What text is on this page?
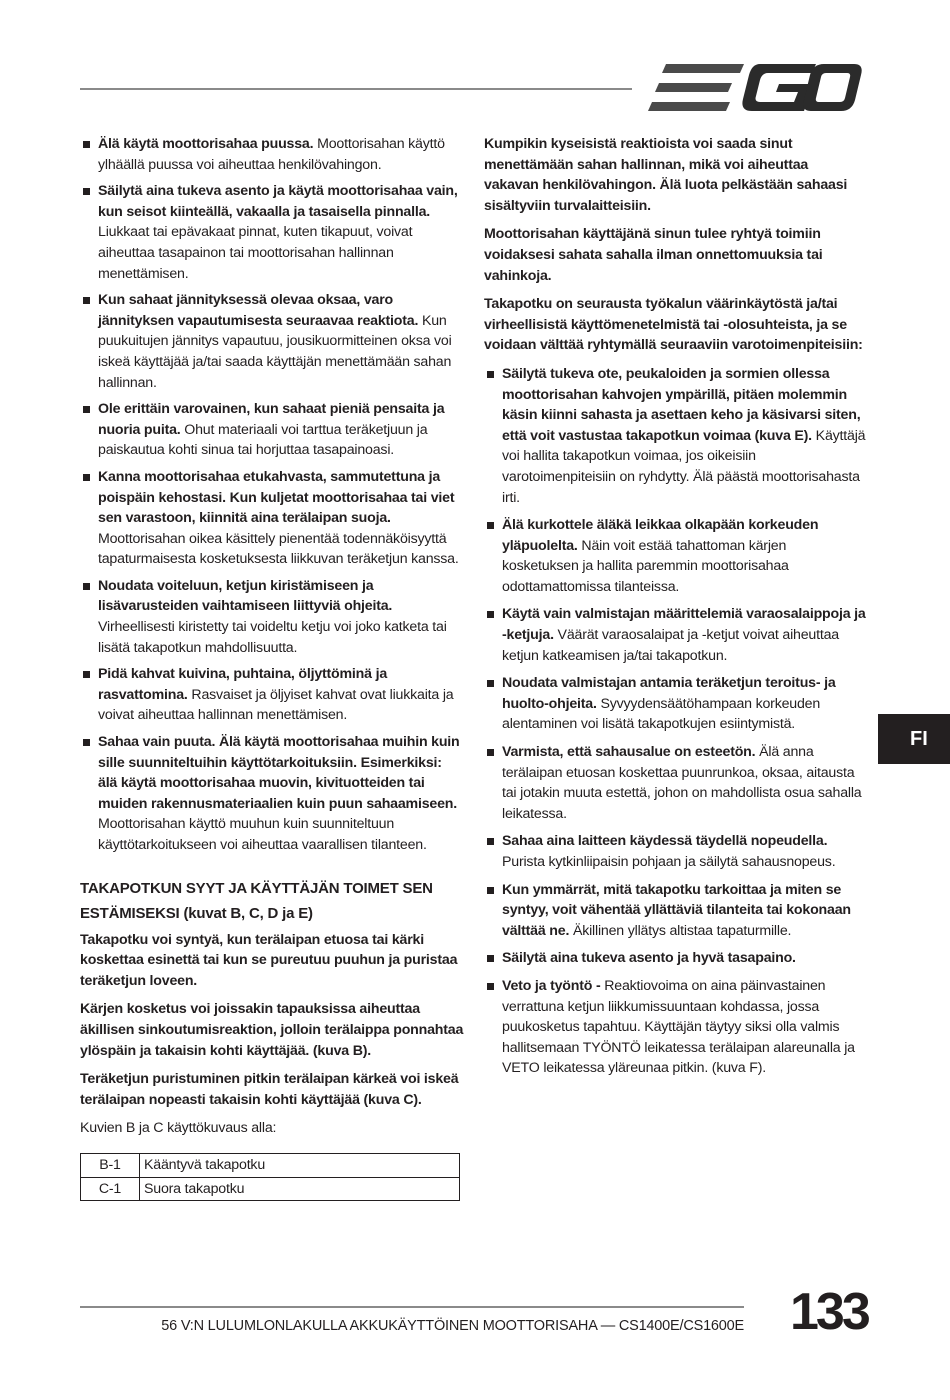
Älä käytä moottorisahaa puussa. Moottorisahan käyttö ylhäällä puussa voi aiheuttaa henkilövahingon.
Säilytä aina tukeva asento ja käytä moottorisahaa vain, kun seisot kiinteällä, vakaalla ja tasaisella pinnalla. Liukkaat tai epävakaat pinnat, kuten tikapuut, voivat aiheuttaa tasapainon tai moottorisahan hallinnan menettämisen.
Kun sahaat jännityksessä olevaa oksaa, varo jännityksen vapautumisesta seuraavaa reaktiota. Kun puukuitujen jännitys vapautuu, jousikuormitteinen oksa voi iskeä käyttäjää ja/tai saada käyttäjän menettämään sahan hallinnan.
Ole erittäin varovainen, kun sahaat pieniä pensaita ja nuoria puita. Ohut materiaali voi tarttua teräketjuun ja paiskautua kohti sinua tai horjuttaa tasapainoasi.
Kanna moottorisahaa etukahvasta, sammutettuna ja poispäin kehostasi. Kun kuljetat moottorisahaa tai viet sen varastoon, kiinnitä aina terälaipan suoja. Moottorisahan oikea käsittely pienentää todennäköisyyttä tapaturmaisesta kosketuksesta liikkuvan teräketjun kanssa.
Noudata voiteluun, ketjun kiristämiseen ja lisävarusteiden vaihtamiseen liittyviä ohjeita. Virheellisesti kiristetty tai voideltu ketju voi joko katketa tai lisätä takapotkun mahdollisuutta.
Pidä kahvat kuivina, puhtaina, öljyttöminä ja rasvattomina. Rasvaiset ja öljyiset kahvat ovat liukkaita ja voivat aiheuttaa hallinnan menettämisen.
Sahaa vain puuta. Älä käytä moottorisahaa muihin kuin sille suunniteltuihin käyttötarkoituksiin. Esimerkiksi: älä käytä moottorisahaa muovin, kivituotteiden tai muiden rakennusmateriaalien kuin puun sahaamiseen. Moottorisahan käyttö muuhun kuin suunniteltuun käyttötarkoitukseen voi aiheuttaa vaarallisen tilanteen.
TAKAPOTKUN SYYT JA KÄYTTÄJÄN TOIMET SEN ESTÄMISEKSI (kuvat B, C, D ja E)

Takapotku voi syntyä, kun terälaipan etuosa tai kärki koskettaa esinettä tai kun se pureutuu puuhun ja puristaa teräketjun loveen.

Kärjen kosketus voi joissakin tapauksissa aiheuttaa äkillisen sinkoutumisreaktion, jolloin terälaippa ponnahtaa ylöspäin ja takaisin kohti käyttäjää. (kuva B).

Teräketjun puristuminen pitkin terälaipan kärkeä voi iskeä terälaipan nopeasti takaisin kohti käyttäjää (kuva C).

Kuvien B ja C käyttökuvaus alla:

B-1	Kääntyvä takapotku
C-1	Suora takapotku

Kumpikin kyseisistä reaktioista voi saada sinut menettämään sahan hallinnan, mikä voi aiheuttaa vakavan henkilövahingon. Älä luota pelkästään sahaasi sisältyviin turvalaitteisiin.

Moottorisahan käyttäjänä sinun tulee ryhtyä toimiin voidaksesi sahata sahalla ilman onnettomuuksia tai vahinkoja.

Takapotku on seurausta työkalun väärinkäytöstä ja/tai virheellisistä käyttömenetelmistä tai -olosuhteista, ja se voidaan välttää ryhtymällä seuraaviin varotoimenpiteisiin:

Säilytä tukeva ote, peukaloiden ja sormien ollessa moottorisahan kahvojen ympärillä, pitäen molemmin käsin kiinni sahasta ja asettaen keho ja käsivarsi siten, että voit vastustaa takapotkun voimaa (kuva E). Käyttäjä voi hallita takapotkun voimaa, jos oikeisiin varotoimenpiteisiin on ryhdytty. Älä päästä moottorisahasta irti.
Älä kurkottele äläkä leikkaa olkapään korkeuden yläpuolelta. Näin voit estää tahattoman kärjen kosketuksen ja hallita paremmin moottorisahaa odottamattomissa tilanteissa.
Käytä vain valmistajan määrittelemiä varaosalaippoja ja -ketjuja. Väärät varaosalaipat ja -ketjut voivat aiheuttaa ketjun katkeamisen ja/tai takapotkun.
Noudata valmistajan antamia teräketjun teroitus- ja huolto-ohjeita. Syvyydensäätöhampaan korkeuden alentaminen voi lisätä takapotkujen esiintymistä.
Varmista, että sahausalue on esteetön. Älä anna terälaipan etuosan koskettaa puunrunkoa, oksaa, aitausta tai jotakin muuta estettä, johon on mahdollista osua sahalla leikatessa.
Sahaa aina laitteen käydessä täydellä nopeudella. Purista kytkinliipaisin pohjaan ja säilytä sahausnopeus.
Kun ymmärrät, mitä takapotku tarkoittaa ja miten se syntyy, voit vähentää yllättäviä tilanteita tai kokonaan välttää ne. Äkillinen yllätys altistaa tapaturmille.
Säilytä aina tukeva asento ja hyvä tasapaino.
Veto ja työntö - Reaktiovoima on aina päinvastainen verrattuna ketjun liikkumissuuntaan kohdassa, jossa puukosketus tapahtuu. Käyttäjän täytyy siksi olla valmis hallitsemaan TYÖNTÖ leikatessa terälaipan alareunalla ja VETO leikatessa yläreunaa pitkin. (kuva F).
FI
56 V:N LULUMLONLAKULLA AKKUKÄYTTÖINEN MOOTTORISAHA — CS1400E/CS1600E 133
